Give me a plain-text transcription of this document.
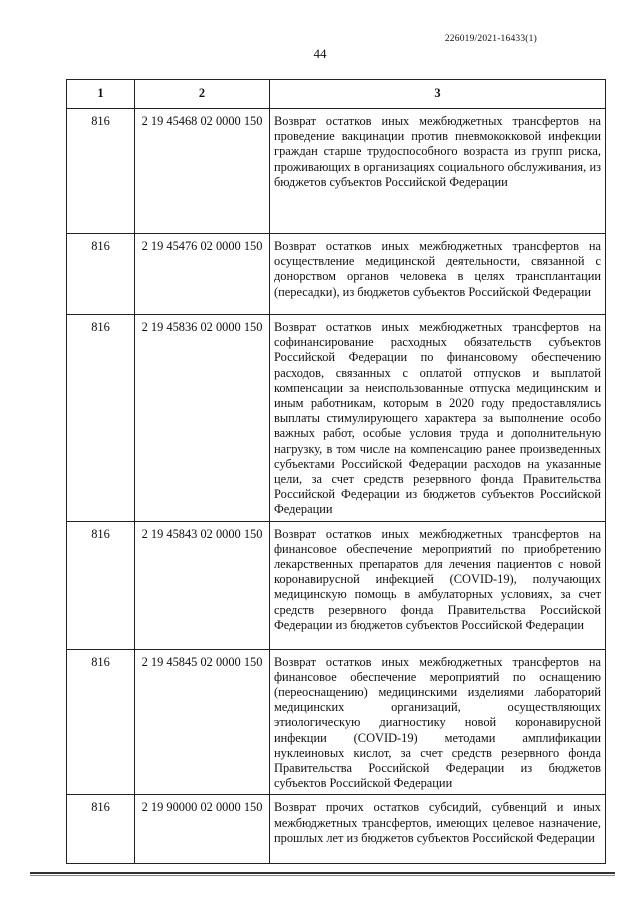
226019/2021-16433(1)
44
1	2	3
816	2 19 45468 02 0000 150	Возврат остатков иных межбюджетных трансфертов на проведение вакцинации против пневмококковой инфекции граждан старше трудоспособного возраста из групп риска, проживающих в организациях социального обслуживания, из бюджетов субъектов Российской Федерации
816	2 19 45476 02 0000 150	Возврат остатков иных межбюджетных трансфертов на осуществление медицинской деятельности, связанной с донорством органов человека в целях трансплантации (пересадки), из бюджетов субъектов Российской Федерации
816	2 19 45836 02 0000 150	Возврат остатков иных межбюджетных трансфертов на софинансирование расходных обязательств субъектов Российской Федерации по финансовому обеспечению расходов, связанных с оплатой отпусков и выплатой компенсации за неиспользованные отпуска медицинским и иным работникам, которым в 2020 году предоставлялись выплаты стимулирующего характера за выполнение особо важных работ, особые условия труда и дополнительную нагрузку, в том числе на компенсацию ранее произведенных субъектами Российской Федерации расходов на указанные цели, за счет средств резервного фонда Правительства Российской Федерации из бюджетов субъектов Российской Федерации
816	2 19 45843 02 0000 150	Возврат остатков иных межбюджетных трансфертов на финансовое обеспечение мероприятий по приобретению лекарственных препаратов для лечения пациентов с новой коронавирусной инфекцией (COVID-19), получающих медицинскую помощь в амбулаторных условиях, за счет средств резервного фонда Правительства Российской Федерации из бюджетов субъектов Российской Федерации
816	2 19 45845 02 0000 150	Возврат остатков иных межбюджетных трансфертов на финансовое обеспечение мероприятий по оснащению (переоснащению) медицинскими изделиями лабораторий медицинских организаций, осуществляющих этиологическую диагностику новой коронавирусной инфекции (COVID-19) методами амплификации нуклеиновых кислот, за счет средств резервного фонда Правительства Российской Федерации из бюджетов субъектов Российской Федерации
816	2 19 90000 02 0000 150	Возврат прочих остатков субсидий, субвенций и иных межбюджетных трансфертов, имеющих целевое назначение, прошлых лет из бюджетов субъектов Российской Федерации
